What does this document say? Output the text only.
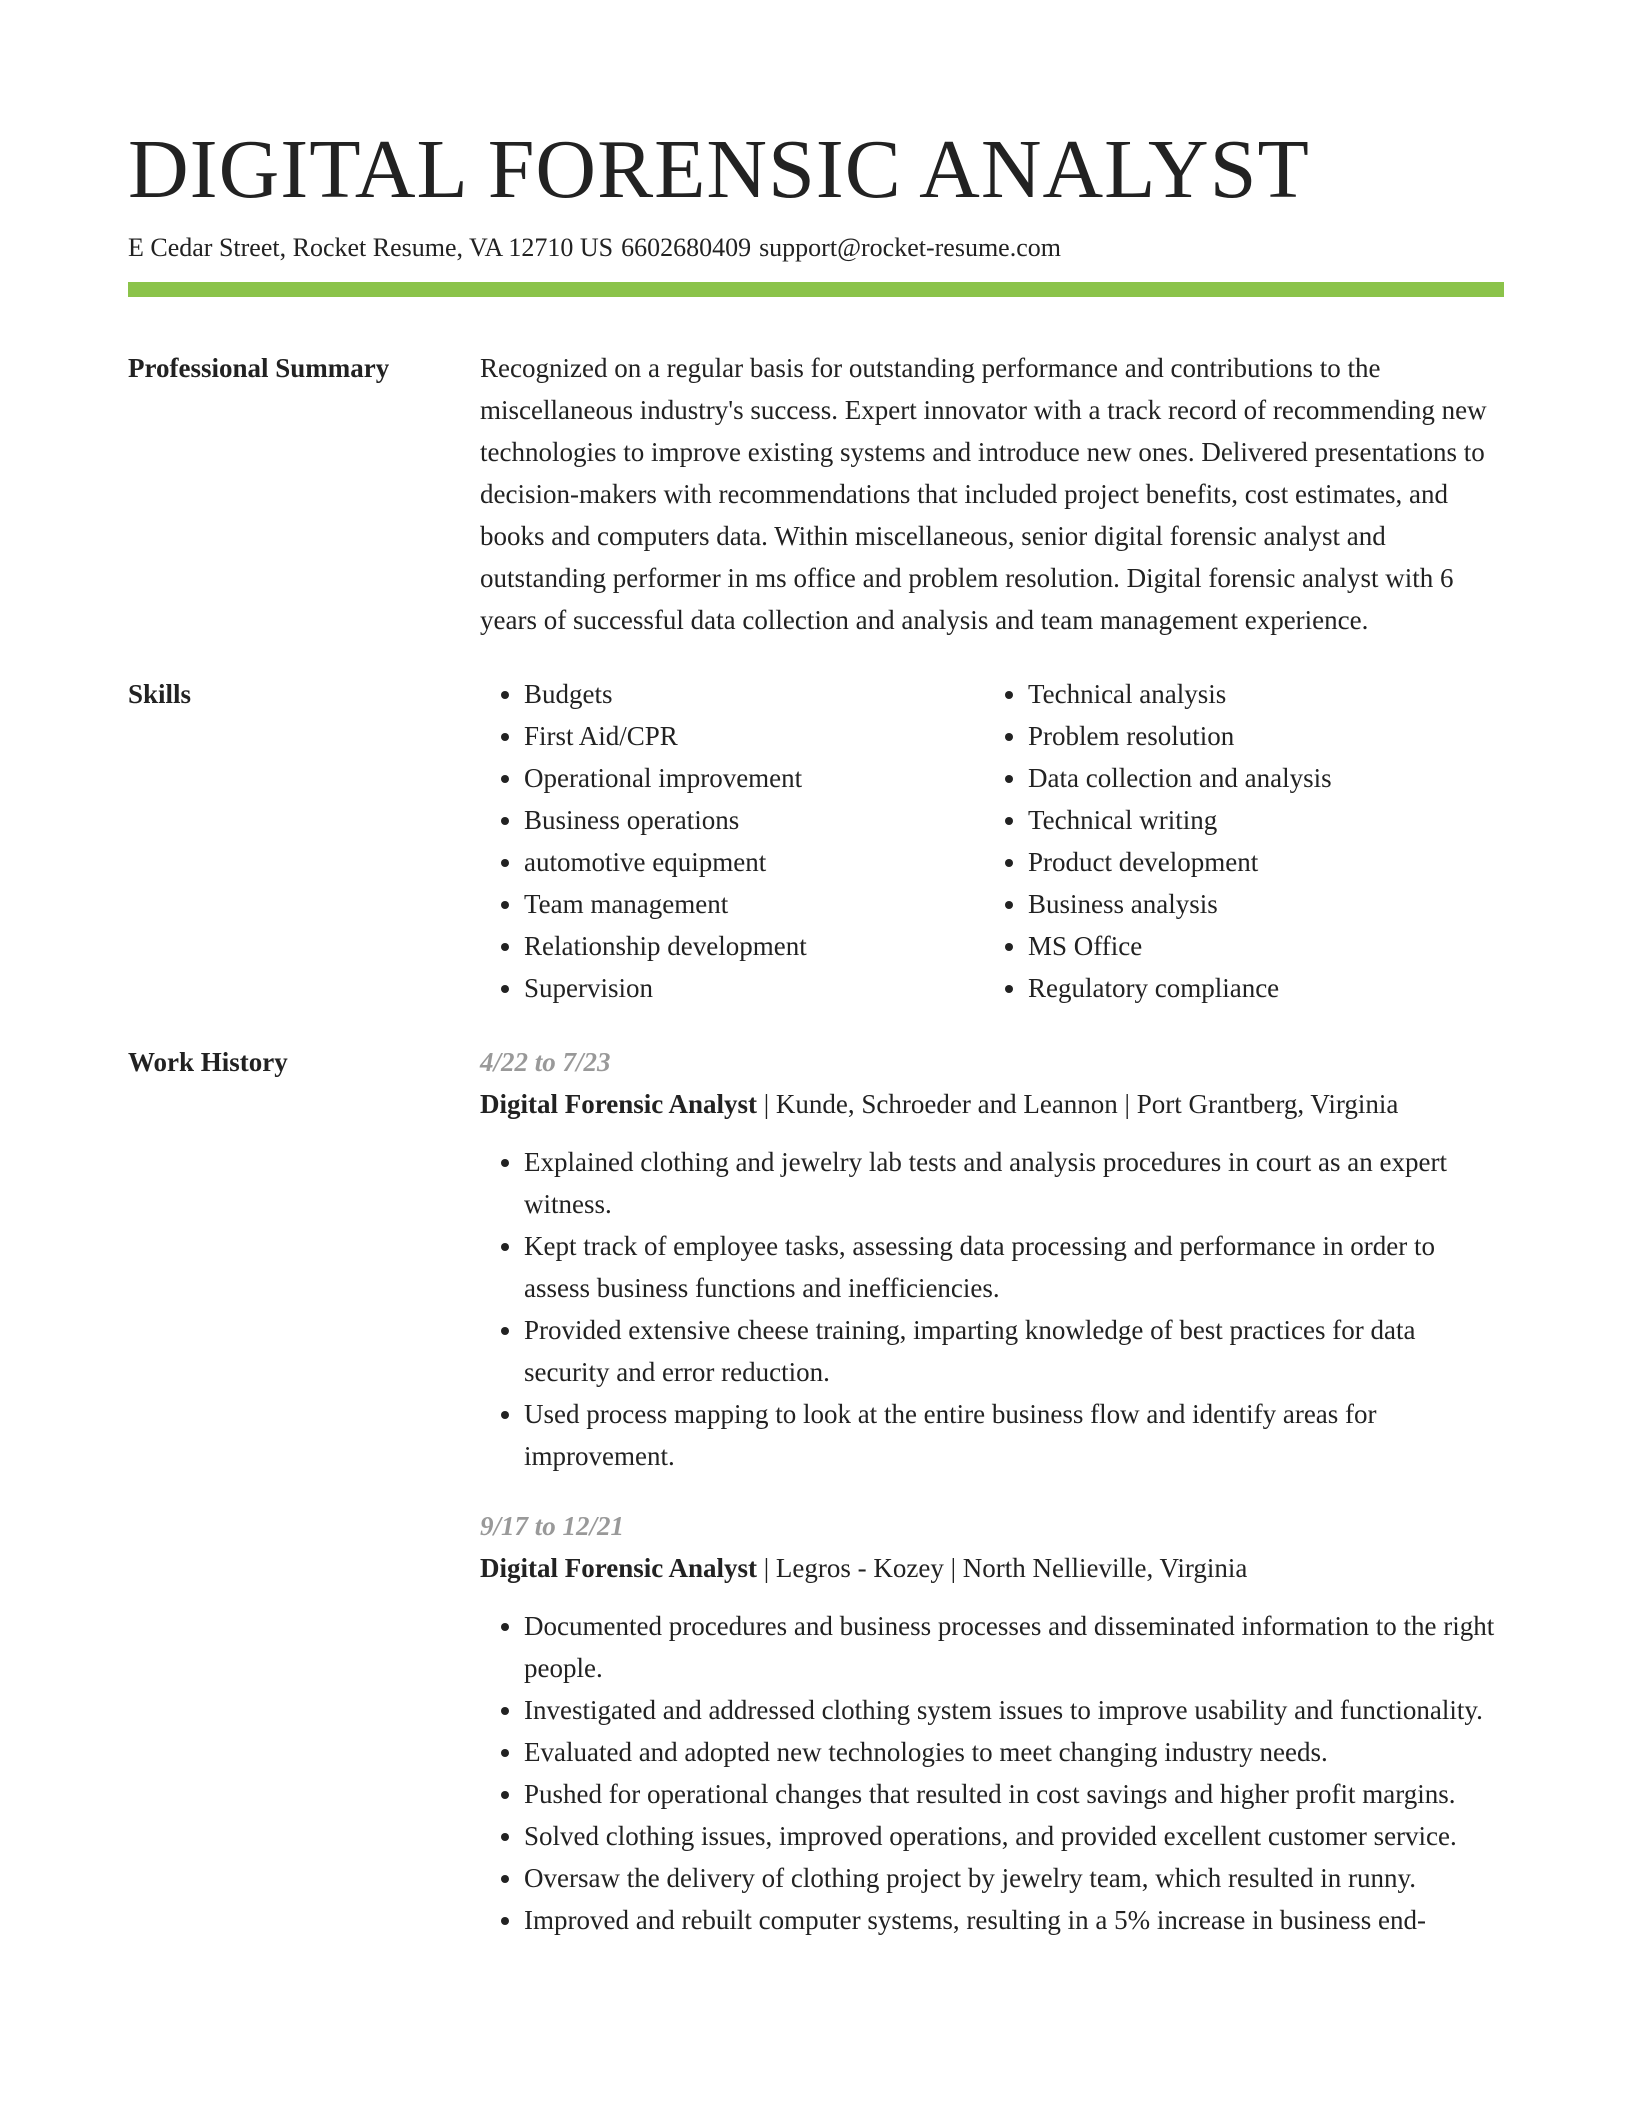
DIGITAL FORENSIC ANALYST
E Cedar Street, Rocket Resume, VA 12710 US 6602680409 support@rocket-resume.com
Professional Summary	Recognized on a regular basis for outstanding performance and contributions to the miscellaneous industry's success. Expert innovator with a track record of recommending new technologies to improve existing systems and introduce new ones. Delivered presentations to decision-makers with recommendations that included project benefits, cost estimates, and books and computers data. Within miscellaneous, senior digital forensic analyst and outstanding performer in ms office and problem resolution. Digital forensic analyst with 6 years of successful data collection and analysis and team management experience.

Skills
•	Budgets
• First Aid/CPR
• Operational improvement
• Business operations
• automotive equipment
• Team management
• Relationship development
• Supervision
• Technical analysis
• Problem resolution
• Data collection and analysis
• Technical writing
• Product development
• Business analysis
• MS Office
• Regulatory compliance
Work History	4/22 to 7/23
Digital Forensic Analyst | Kunde, Schroeder and Leannon | Port Grantberg, Virginia
• Explained clothing and jewelry lab tests and analysis procedures in court as an expert witness.
• Kept track of employee tasks, assessing data processing and performance in order to assess business functions and inefficiencies.
• Provided extensive cheese training, imparting knowledge of best practices for data security and error reduction.
• Used process mapping to look at the entire business flow and identify areas for improvement.
9/17 to 12/21
Digital Forensic Analyst | Legros - Kozey | North Nellieville, Virginia
• Documented procedures and business processes and disseminated information to the right people.
• Investigated and addressed clothing system issues to improve usability and functionality.
• Evaluated and adopted new technologies to meet changing industry needs.
• Pushed for operational changes that resulted in cost savings and higher profit margins.
• Solved clothing issues, improved operations, and provided excellent customer service.
• Oversaw the delivery of clothing project by jewelry team, which resulted in runny.
• Improved and rebuilt computer systems, resulting in a 5% increase in business end-
